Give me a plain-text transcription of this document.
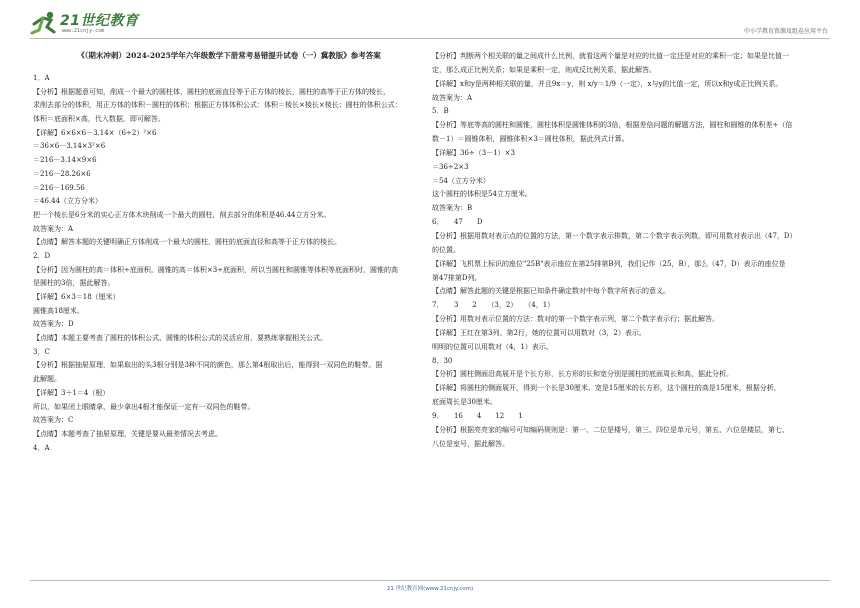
21世纪教育
www.21cnjy.com	中小学教育资源及组卷应用平台
《（期末冲刺）2024-2025学年六年级数学下册常考易错提升试卷（一）冀教版》参考答案
1．A
【分析】根据题意可知，削成一个最大的圆柱体，圆柱的底面直径等于正方体的棱长，圆柱的高等于正方体的棱长，
求削去部分的体积，用正方体的体积－圆柱的体积；根据正方体体积公式：体积＝棱长×棱长×棱长；圆柱的体积公式：
体积＝底面积×高，代入数据，即可解答。
【详解】6×6×6－3.14×（6÷2）²×6
＝36×6－3.14×3²×6
＝216－3.14×9×6
＝216－28.26×6
＝216－169.56
＝46.44（立方分米）
把一个棱长是6分米的实心正方体木块削成一个最大的圆柱，削去部分的体积是46.44立方分米。
故答案为：A
【点睛】解答本题的关键明确正方体削成一个最大的圆柱，圆柱的底面直径和高等于正方体的棱长。
2．D
【分析】因为圆柱的高＝体积÷底面积，圆锥的高＝体积×3÷底面积，所以当圆柱和圆锥等体积等底面积时，圆锥的高
是圆柱的3倍，据此解答。
【详解】6×3＝18（厘米）
圆锥高18厘米。
故答案为：D
【点睛】本题主要考查了圆柱的体积公式、圆锥的体积公式的灵活应用，要熟练掌握相关公式。
3．C
【分析】根据抽屉原理，如果取出的头3根分别是3种不同的颜色，那么第4根取出后，能得到一双同色的鞋带。据
此解题。
【详解】3＋1＝4（根）
所以，如果闭上眼睛拿，最少拿出4根才能保证一定有一双同色的鞋带。
故答案为：C
【点睛】本题考查了抽屉原理，关键是要从最差情况去考虑。
4．A
【分析】判断两个相关联的量之间成什么比例，就看这两个量是对应的比值一定还是对应的乘积一定；如果是比值一
定，那么成正比例关系；如果是乘积一定，则成反比例关系，据此解答。
【详解】x和y是两种相关联的量，并且9x＝y，则 x/y＝1/9（一定），x与y的比值一定，所以x和y成正比例关系。
故答案为：A
5．B
【分析】等底等高的圆柱和圆锥，圆柱体积是圆锥体积的3倍，根据差倍问题的解题方法，圆柱和圆锥的体积差÷（倍
数－1）＝圆锥体积，圆锥体积×3＝圆柱体积，据此列式计算。
【详解】36÷（3－1）×3
＝36÷2×3
＝54（立方分米）
这个圆柱的体积是54立方厘米。
故答案为：B
6．　　47　　D
【分析】根据用数对表示点的位置的方法，第一个数字表示排数，第二个数字表示列数，即可用数对表示出（47，D）
的位置。
【详解】飞机票上标识的座位"25B"表示座位在第25排第B列，我们记作（25，B），那么（47，D）表示的座位是
第47排第D列。
【点睛】解答此题的关键是根据已知条件确定数对中每个数字所表示的意义。
7．　　3　　2　　（3，2）　　（4，1）
【分析】用数对表示位置的方法：数对的第一个数字表示列，第二个数字表示行；据此解答。
【详解】王红在第3列、第2行，她的位置可以用数对（3，2）表示。
明明的位置可以用数对（4，1）表示。
8．30
【分析】圆柱侧面沿高展开是个长方形，长方形的长和宽分别是圆柱的底面周长和高，据此分析。
【详解】将圆柱的侧面展开，得到一个长是30厘米、宽是15厘米的长方形，这个圆柱的高是15厘米，根据分析，
底面周长是30厘米。
9．　　16　　4　　12　　1
【分析】根据亮亮家的编号可知编码规则是：第一、二位是楼号，第三、四位是单元号，第五、六位是楼层，第七、
八位是室号，据此解答。
21 世纪教育网(www.21cnjy.com)
